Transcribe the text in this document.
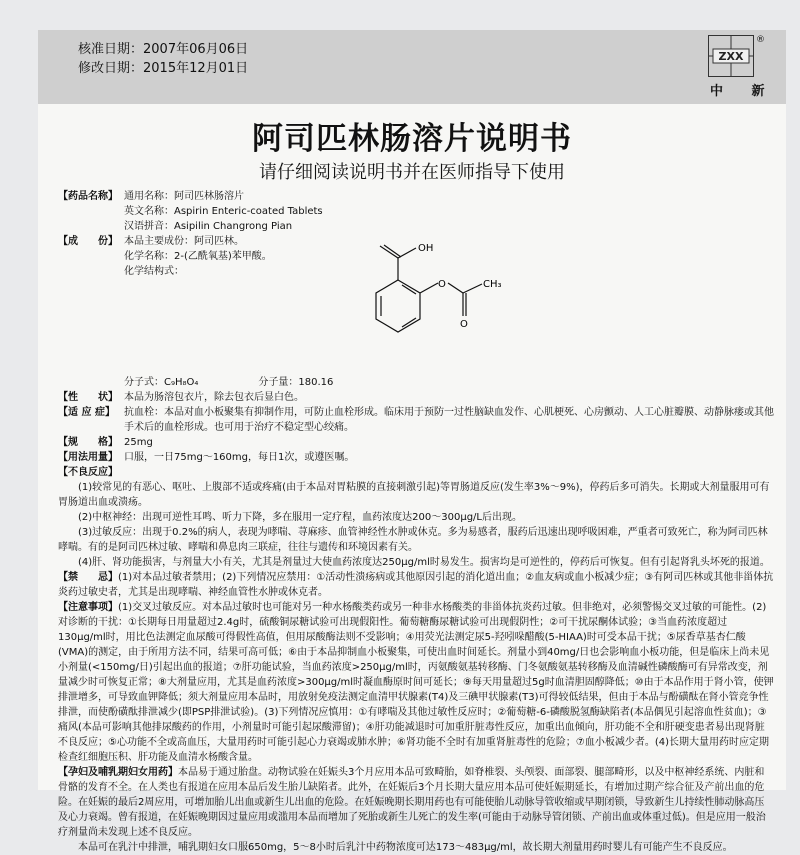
核准日期：2007年06月06日
修改日期：2015年12月01日
ZXX
®
中 新
阿司匹林肠溶片说明书
请仔细阅读说明书并在医师指导下使用
【药品名称】 通用名称：阿司匹林肠溶片
英文名称：Aspirin Enteric-coated Tablets
汉语拼音：Asipilin Changrong Pian
【成　　份】 本品主要成份：阿司匹林。
化学名称：2-(乙酰氧基)苯甲酸。
化学结构式：
分子式：C₉H₈O₄	分子量：180.16
OH
O
O
CH₃
【性　　状】 本品为肠溶包衣片，除去包衣后显白色。
【适 应 症】 抗血栓：本品对血小板聚集有抑制作用，可防止血栓形成。临床用于预防一过性脑缺血发作、心肌梗死、心房颤动、人工心脏瓣膜、动静脉瘘或其他手术后的血栓形成。也可用于治疗不稳定型心绞痛。
【规　　格】 25mg
【用法用量】 口服，一日75mg～160mg，每日1次，或遵医嘱。
【不良反应】
(1)较常见的有恶心、呕吐、上腹部不适或疼痛(由于本品对胃粘膜的直接刺激引起)等胃肠道反应(发生率3%～9%)，停药后多可消失。长期或大剂量服用可有胃肠道出血或溃疡。
(2)中枢神经：出现可逆性耳鸣、听力下降，多在服用一定疗程，血药浓度达200～300μg/L后出现。
(3)过敏反应：出现于0.2%的病人，表现为哮喘、荨麻疹、血管神经性水肿或休克。多为易感者，服药后迅速出现呼吸困难，严重者可致死亡，称为阿司匹林哮喘。有的是阿司匹林过敏、哮喘和鼻息肉三联症，往往与遗传和环境因素有关。
(4)肝、肾功能损害，与剂量大小有关，尤其是剂量过大使血药浓度达250μg/ml时易发生。损害均是可逆性的，停药后可恢复。但有引起肾乳头坏死的报道。
【禁　　忌】(1)对本品过敏者禁用；(2)下列情况应禁用：①活动性溃疡病或其他原因引起的消化道出血；②血友病或血小板减少症；③有阿司匹林或其他非甾体抗炎药过敏史者，尤其是出现哮喘、神经血管性水肿或休克者。
【注意事项】(1)交叉过敏反应。对本品过敏时也可能对另一种水杨酸类药或另一种非水杨酸类的非甾体抗炎药过敏。但非绝对，必须警惕交叉过敏的可能性。(2)对诊断的干扰：①长期每日用量超过2.4g时，硫酸铜尿糖试验可出现假阳性。葡萄糖酶尿糖试验可出现假阴性；②可干扰尿酮体试验；③当血药浓度超过130μg/ml时，用比色法测定血尿酸可得假性高值，但用尿酸酶法则不受影响；④用荧光法测定尿5-羟吲哚醋酸(5-HIAA)时可受本品干扰；⑤尿香草基杏仁酸(VMA)的测定，由于所用方法不同，结果可高可低；⑥由于本品抑制血小板聚集，可使出血时间延长。剂量小到40mg/日也会影响血小板功能，但是临床上尚未见小剂量(<150mg/日)引起出血的报道；⑦肝功能试验，当血药浓度>250μg/ml时，丙氨酸氨基转移酶、门冬氨酸氨基转移酶及血清碱性磷酸酶可有异常改变，剂量减少时可恢复正常；⑧大剂量应用，尤其是血药浓度>300μg/ml时凝血酶原时间可延长；⑨每天用量超过5g时血清胆固醇降低；⑩由于本品作用于肾小管，使钾排泄增多，可导致血钾降低；须大剂量应用本品时，用放射免疫法测定血清甲状腺素(T4)及三碘甲状腺素(T3)可得较低结果，但由于本品与酚磺酞在肾小管竞争性排泄，而使酚磺酞排泄减少(即PSP排泄试验)。(3)下列情况应慎用：①有哮喘及其他过敏性反应时；②葡萄糖-6-磷酸脱氢酶缺陷者(本品偶见引起溶血性贫血)；③痛风(本品可影响其他排尿酸药的作用，小剂量时可能引起尿酸滞留)；④肝功能减退时可加重肝脏毒性反应，加重出血倾向，肝功能不全和肝硬变患者易出现肾脏不良反应；⑤心功能不全或高血压，大量用药时可能引起心力衰竭或肺水肿；⑥肾功能不全时有加重肾脏毒性的危险；⑦血小板减少者。(4)长期大量用药时应定期检查红细胞压积、肝功能及血清水杨酸含量。
【孕妇及哺乳期妇女用药】本品易于通过胎盘。动物试验在妊娠头3个月应用本品可致畸胎，如脊椎裂、头颅裂、面部裂、腿部畸形，以及中枢神经系统、内脏和骨骼的发育不全。在人类也有报道在应用本品后发生胎儿缺陷者。此外，在妊娠后3个月长期大量应用本品可使妊娠期延长，有增加过期产综合征及产前出血的危险。在妊娠的最后2周应用，可增加胎儿出血或新生儿出血的危险。在妊娠晚期长期用药也有可能使胎儿动脉导管收缩或早期闭锁，导致新生儿持续性肺动脉高压及心力衰竭。曾有报道，在妊娠晚期因过量应用或滥用本品而增加了死胎或新生儿死亡的发生率(可能由于动脉导管闭锁、产前出血或体重过低)。但是应用一般治疗剂量尚未发现上述不良反应。
本品可在乳汁中排泄，哺乳期妇女口服650mg，5～8小时后乳汁中药物浓度可达173～483μg/ml，故长期大剂量用药时婴儿有可能产生不良反应。
